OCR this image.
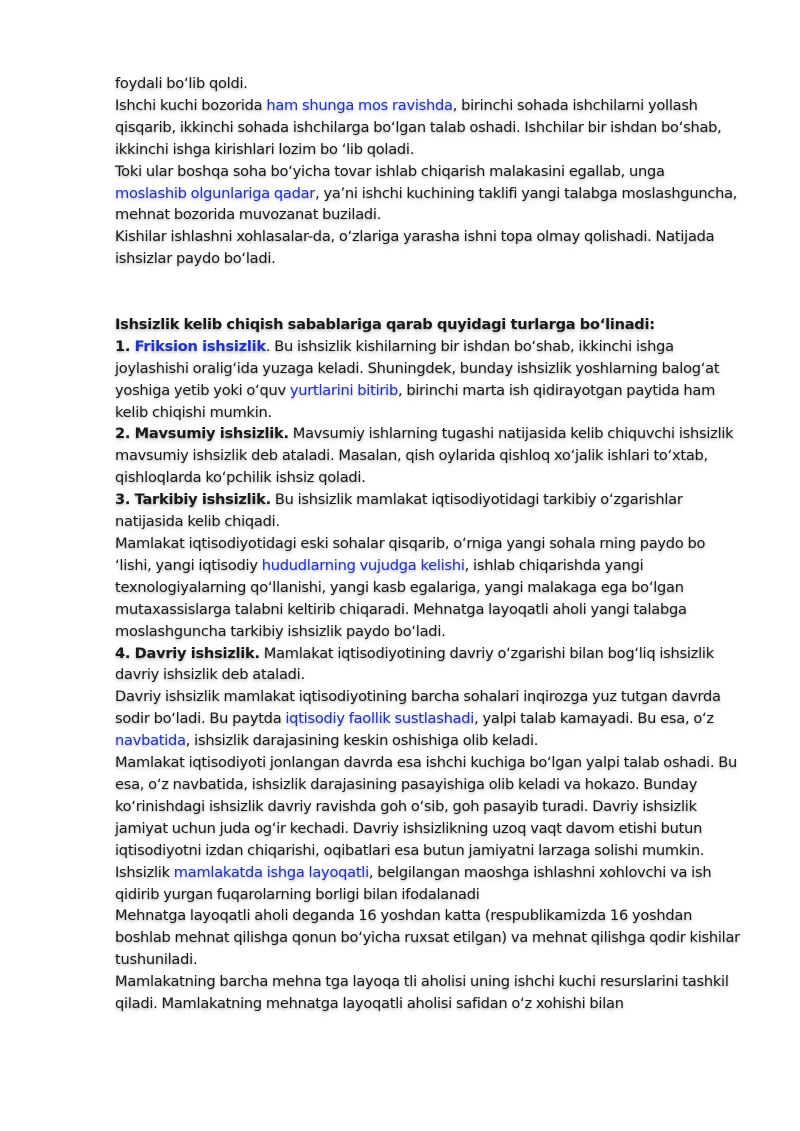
foydali bo‘lib qoldi.

Ishchi kuchi bozorida ham shunga mos ravishda, birinchi sohada ishchilarni yollash qisqarib, ikkinchi sohada ishchilarga bo‘lgan talab oshadi. Ishchilar bir ishdan bo‘shab, ikkinchi ishga kirishlari lozim bo ‘lib qoladi.

Toki ular boshqa soha bo‘yicha tovar ishlab chiqarish malakasini egallab, unga moslashib olgunlariga qadar, ya’ni ishchi kuchining taklifi yangi talabga moslashguncha, mehnat bozorida muvozanat buziladi.

Kishilar ishlashni xohlasalar-da, o‘zlariga yarasha ishni topa olmay qolishadi. Natijada ishsizlar paydo bo‘ladi.

Ishsizlik kelib chiqish sabablariga qarab quyidagi turlarga bo‘linadi:

1. Friksion ishsizlik. Bu ishsizlik kishilarning bir ishdan bo‘shab, ikkinchi ishga joylashishi oralig‘ida yuzaga keladi. Shuningdek, bunday ishsizlik yoshlarning balog‘at yoshiga yetib yoki o‘quv yurtlarini bitirib, birinchi marta ish qidirayotgan paytida ham kelib chiqishi mumkin.

2. Mavsumiy ishsizlik. Mavsumiy ishlarning tugashi natijasida kelib chiquvchi ishsizlik mavsumiy ishsizlik deb ataladi. Masalan, qish oylarida qishloq xo‘jalik ishlari to‘xtab, qishloqlarda ko‘pchilik ishsiz qoladi.

3. Tarkibiy ishsizlik. Bu ishsizlik mamlakat iqtisodiyotidagi tarkibiy o‘zgarishlar natijasida kelib chiqadi.

Mamlakat iqtisodiyotidagi eski sohalar qisqarib, o‘rniga yangi sohala rning paydo bo ‘lishi, yangi iqtisodiy hududlarning vujudga kelishi, ishlab chiqarishda yangi texnologiyalarning qo‘llanishi, yangi kasb egalariga, yangi malakaga ega bo‘lgan mutaxassislarga talabni keltirib chiqaradi. Mehnatga layoqatli aholi yangi talabga moslashguncha tarkibiy ishsizlik paydo bo‘ladi.

4. Davriy ishsizlik. Mamlakat iqtisodiyotining davriy o‘zgarishi bilan bog‘liq ishsizlik davriy ishsizlik deb ataladi.

Davriy ishsizlik mamlakat iqtisodiyotining barcha sohalari inqirozga yuz tutgan davrda sodir bo‘ladi. Bu paytda iqtisodiy faollik sustlashadi, yalpi talab kamayadi. Bu esa, o‘z navbatida, ishsizlik darajasining keskin oshishiga olib keladi.

Mamlakat iqtisodiyoti jonlangan davrda esa ishchi kuchiga bo‘lgan yalpi talab oshadi. Bu esa, o‘z navbatida, ishsizlik darajasining pasayishiga olib keladi va hokazo. Bunday ko‘rinishdagi ishsizlik davriy ravishda goh o‘sib, goh pasayib turadi. Davriy ishsizlik jamiyat uchun juda og‘ir kechadi. Davriy ishsizlikning uzoq vaqt davom etishi butun iqtisodiyotni izdan chiqarishi, oqibatlari esa butun jamiyatni larzaga solishi mumkin.

Ishsizlik mamlakatda ishga layoqatli, belgilangan maoshga ishlashni xohlovchi va ish qidirib yurgan fuqarolarning borligi bilan ifodalanadi

Mehnatga layoqatli aholi deganda 16 yoshdan katta (respublikamizda 16 yoshdan boshlab mehnat qilishga qonun bo‘yicha ruxsat etilgan) va mehnat qilishga qodir kishilar tushuniladi.

Mamlakatning barcha mehna tga layoqa tli aholisi uning ishchi kuchi resurslarini tashkil qiladi. Mamlakatning mehnatga layoqatli aholisi safidan o‘z xohishi bilan
